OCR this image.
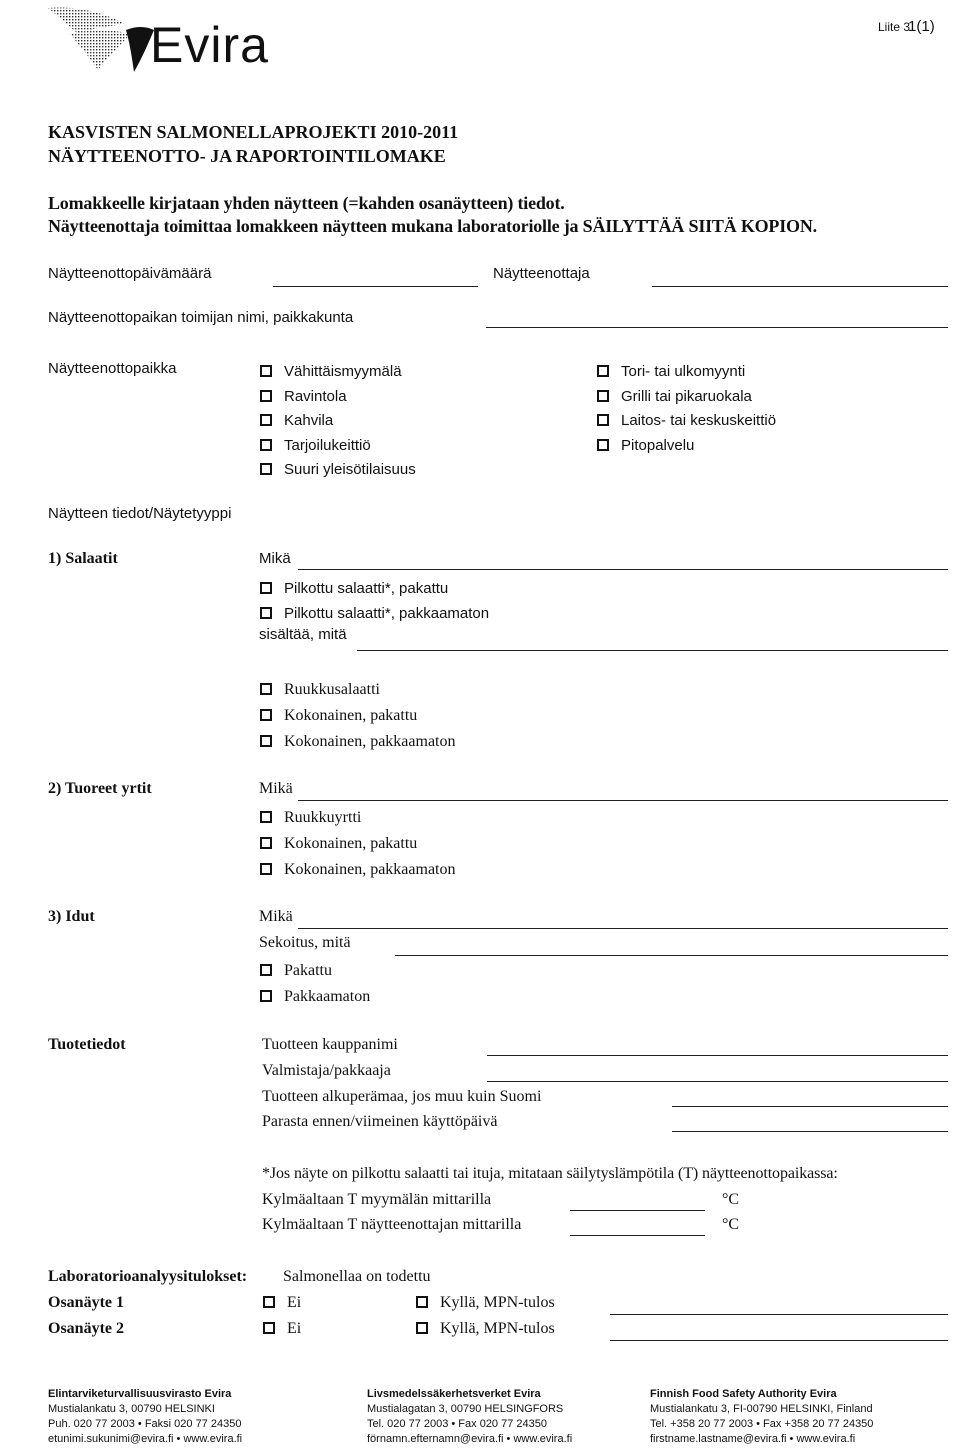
Evira	Liite 31(1)
KASVISTEN SALMONELLAPROJEKTI 2010-2011
NÄYTTEENOTTO- JA RAPORTOINTILOMAKE
Lomakkeelle kirjataan yhden näytteen (=kahden osanäytteen) tiedot.
Näytteenottaja toimittaa lomakkeen näytteen mukana laboratoriolle ja SÄILYTTÄÄ SIITÄ KOPION.
Näytteenottopäivämäärä	Näytteenottaja
Näytteenottopaikan toimijan nimi, paikkakunta
Näytteenottopaikka	Vähittäismyymälä
Ravintola
Kahvila
Tarjoilukeittiö
Suuri yleisötilaisuus
Tori- tai ulkomyynti
Grilli tai pikaruokala
Laitos- tai keskuskeittiö
Pitopalvelu
Näytteen tiedot/Näytetyyppi
1) Salaatit	Mikä
Pilkottu salaatti*, pakattu
Pilkottu salaatti*, pakkaamaton
sisältää, mitä
Ruukkusalaatti
Kokonainen, pakattu
Kokonainen, pakkaamaton
2) Tuoreet yrtit	Mikä
Ruukkuyrtti
Kokonainen, pakattu
Kokonainen, pakkaamaton
3) Idut	Mikä
Sekoitus, mitä
Pakattu
Pakkaamaton
Tuotetiedot	Tuotteen kauppanimi
Valmistaja/pakkaaja
Tuotteen alkuperämaa, jos muu kuin Suomi
Parasta ennen/viimeinen käyttöpäivä
*Jos näyte on pilkottu salaatti tai ituja, mitataan säilytyslämpötila (T) näytteenottopaikassa:
Kylmäaltaan T myymälän mittarilla	°C
Kylmäaltaan T näytteenottajan mittarilla	°C
Laboratorioanalyysitulokset: Salmonellaa on todettu
Osanäyte 1	Ei	Kyllä, MPN-tulos
Osanäyte 2	Ei	Kyllä, MPN-tulos
Elintarviketurvallisuusvirasto Evira
Mustialankatu 3, 00790 HELSINKI
Puh. 020 77 2003 • Faksi 020 77 24350
etunimi.sukunimi@evira.fi • www.evira.fi
Livsmedelssäkerhetsverket Evira
Mustialagatan 3, 00790 HELSINGFORS
Tel. 020 77 2003 • Fax 020 77 24350
förnamn.efternamn@evira.fi • www.evira.fi
Finnish Food Safety Authority Evira
Mustialankatu 3, FI-00790 HELSINKI, Finland
Tel. +358 20 77 2003 • Fax +358 20 77 24350
firstname.lastname@evira.fi • www.evira.fi
